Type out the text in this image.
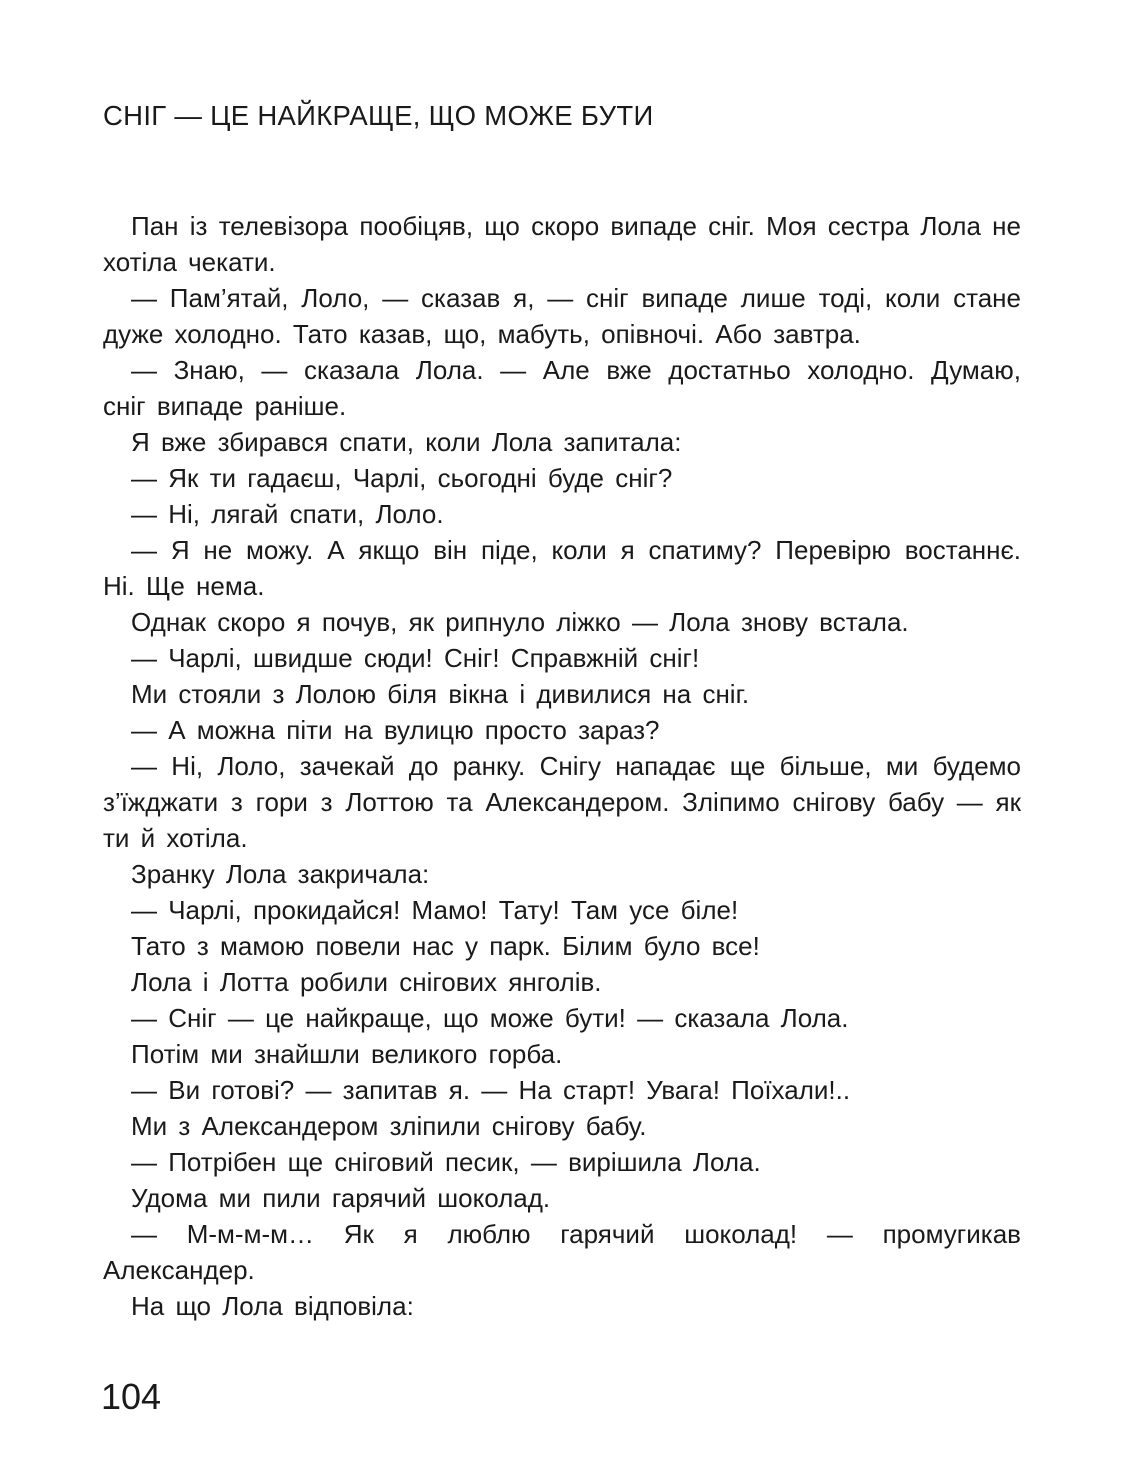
СНІГ — ЦЕ НАЙКРАЩЕ, ЩО МОЖЕ БУТИ

Пан із телевізора пообіцяв, що скоро випаде сніг. Моя сестра Лола не хотіла чекати.

— Пам’ятай, Лоло, — сказав я, — сніг випаде лише тоді, коли стане дуже холодно. Тато казав, що, мабуть, опівночі. Або завтра.

— Знаю, — сказала Лола. — Але вже достатньо холодно. Думаю, сніг випаде раніше.

Я вже збирався спати, коли Лола запитала:

— Як ти гадаєш, Чарлі, сьогодні буде сніг?

— Ні, лягай спати, Лоло.

— Я не можу. А якщо він піде, коли я спатиму? Перевірю востаннє. Ні. Ще нема.

Однак скоро я почув, як рипнуло ліжко — Лола знову встала.

— Чарлі, швидше сюди! Сніг! Справжній сніг!

Ми стояли з Лолою біля вікна і дивилися на сніг.

— А можна піти на вулицю просто зараз?

— Ні, Лоло, зачекай до ранку. Снігу нападає ще більше, ми будемо з’їжджати з гори з Лоттою та Александером. Зліпимо снігову бабу — як ти й хотіла.

Зранку Лола закричала:

— Чарлі, прокидайся! Мамо! Тату! Там усе біле!

Тато з мамою повели нас у парк. Білим було все!

Лола і Лотта робили снігових янголів.

— Сніг — це найкраще, що може бути! — сказала Лола.

Потім ми знайшли великого горба.

— Ви готові? — запитав я. — На старт! Увага! Поїхали!..

Ми з Александером зліпили снігову бабу.

— Потрібен ще сніговий песик, — вирішила Лола.

Удома ми пили гарячий шоколад.

— М-м-м-м… Як я люблю гарячий шоколад! — промугикав Александер.

На що Лола відповіла:

104
